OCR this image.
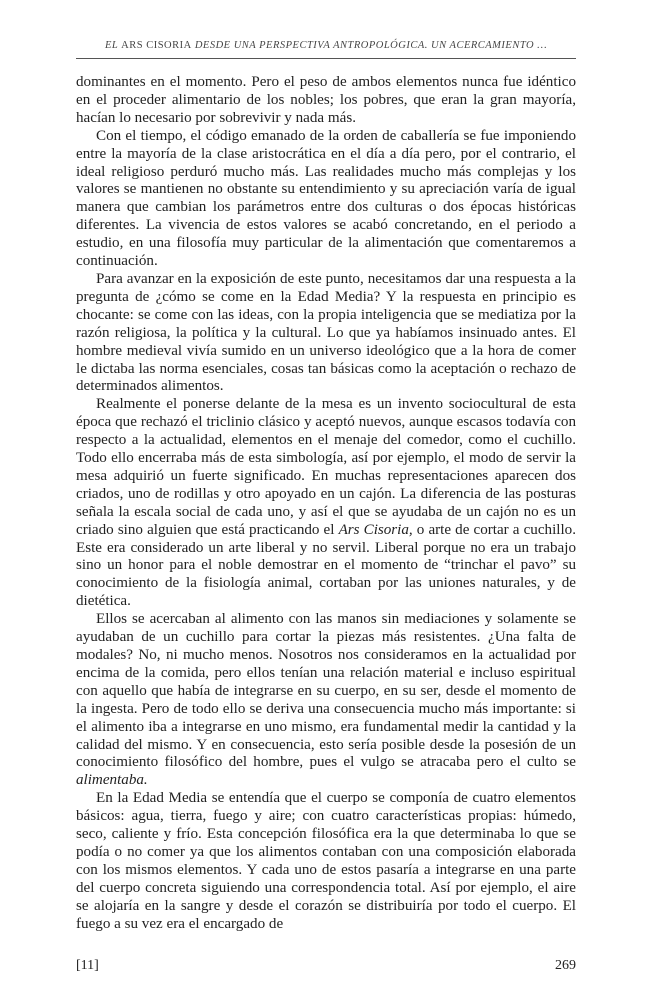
EL ARS CISORIA DESDE UNA PERSPECTIVA ANTROPOLÓGICA. UN ACERCAMIENTO …

dominantes en el momento. Pero el peso de ambos elementos nunca fue idéntico en el proceder alimentario de los nobles; los pobres, que eran la gran mayoría, hacían lo necesario por sobrevivir y nada más.

Con el tiempo, el código emanado de la orden de caballería se fue imponiendo entre la mayoría de la clase aristocrática en el día a día pero, por el contrario, el ideal religioso perduró mucho más. Las realidades mucho más complejas y los valores se mantienen no obstante su entendimiento y su apreciación varía de igual manera que cambian los parámetros entre dos culturas o dos épocas históricas diferentes. La vivencia de estos valores se acabó concretando, en el periodo a estudio, en una filosofía muy particular de la alimentación que comentaremos a continuación.

Para avanzar en la exposición de este punto, necesitamos dar una respuesta a la pregunta de ¿cómo se come en la Edad Media? Y la respuesta en principio es chocante: se come con las ideas, con la propia inteligencia que se mediatiza por la razón religiosa, la política y la cultural. Lo que ya habíamos insinuado antes. El hombre medieval vivía sumido en un universo ideológico que a la hora de comer le dictaba las norma esenciales, cosas tan básicas como la aceptación o rechazo de determinados alimentos.

Realmente el ponerse delante de la mesa es un invento sociocultural de esta época que rechazó el triclinio clásico y aceptó nuevos, aunque escasos todavía con respecto a la actualidad, elementos en el menaje del comedor, como el cuchillo. Todo ello encerraba más de esta simbología, así por ejemplo, el modo de servir la mesa adquirió un fuerte significado. En muchas representaciones aparecen dos criados, uno de rodillas y otro apoyado en un cajón. La diferencia de las posturas señala la escala social de cada uno, y así el que se ayudaba de un cajón no es un criado sino alguien que está practicando el Ars Cisoria, o arte de cortar a cuchillo. Este era considerado un arte liberal y no servil. Liberal porque no era un trabajo sino un honor para el noble demostrar en el momento de “trinchar el pavo” su conocimiento de la fisiología animal, cortaban por las uniones naturales, y de dietética.

Ellos se acercaban al alimento con las manos sin mediaciones y solamente se ayudaban de un cuchillo para cortar la piezas más resistentes. ¿Una falta de modales? No, ni mucho menos. Nosotros nos consideramos en la actualidad por encima de la comida, pero ellos tenían una relación material e incluso espiritual con aquello que había de integrarse en su cuerpo, en su ser, desde el momento de la ingesta. Pero de todo ello se deriva una consecuencia mucho más importante: si el alimento iba a integrarse en uno mismo, era fundamental medir la cantidad y la calidad del mismo. Y en consecuencia, esto sería posible desde la posesión de un conocimiento filosófico del hombre, pues el vulgo se atracaba pero el culto se alimentaba.

En la Edad Media se entendía que el cuerpo se componía de cuatro elementos básicos: agua, tierra, fuego y aire; con cuatro características propias: húmedo, seco, caliente y frío. Esta concepción filosófica era la que determinaba lo que se podía o no comer ya que los alimentos contaban con una composición elaborada con los mismos elementos. Y cada uno de estos pasaría a integrarse en una parte del cuerpo concreta siguiendo una correspondencia total. Así por ejemplo, el aire se alojaría en la sangre y desde el corazón se distribuiría por todo el cuerpo. El fuego a su vez era el encargado de

[11]	269
